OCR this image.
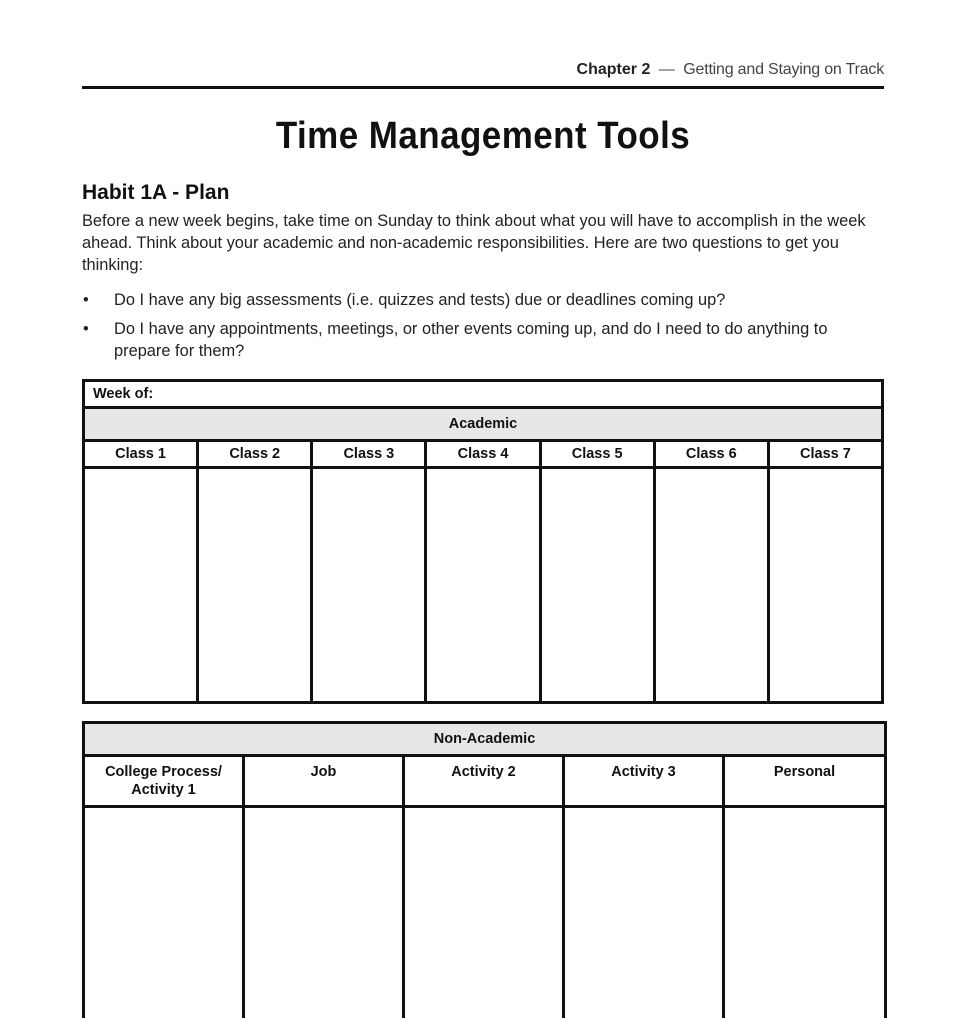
Chapter 2 — Getting and Staying on Track
Time Management Tools
Habit 1A - Plan

Before a new week begins, take time on Sunday to think about what you will have to accomplish in the week ahead. Think about your academic and non-academic responsibilities. Here are two questions to get you thinking:

• Do I have any big assessments (i.e. quizzes and tests) due or deadlines coming up?
• Do I have any appointments, meetings, or other events coming up, and do I need to do anything to prepare for them?
Week of:						
Academic						
Class 1	Class 2	Class 3	Class 4	Class 5	Class 6	Class 7

Non-Academic				
College Process/ Activity 1	Job	Activity 2	Activity 3	Personal
